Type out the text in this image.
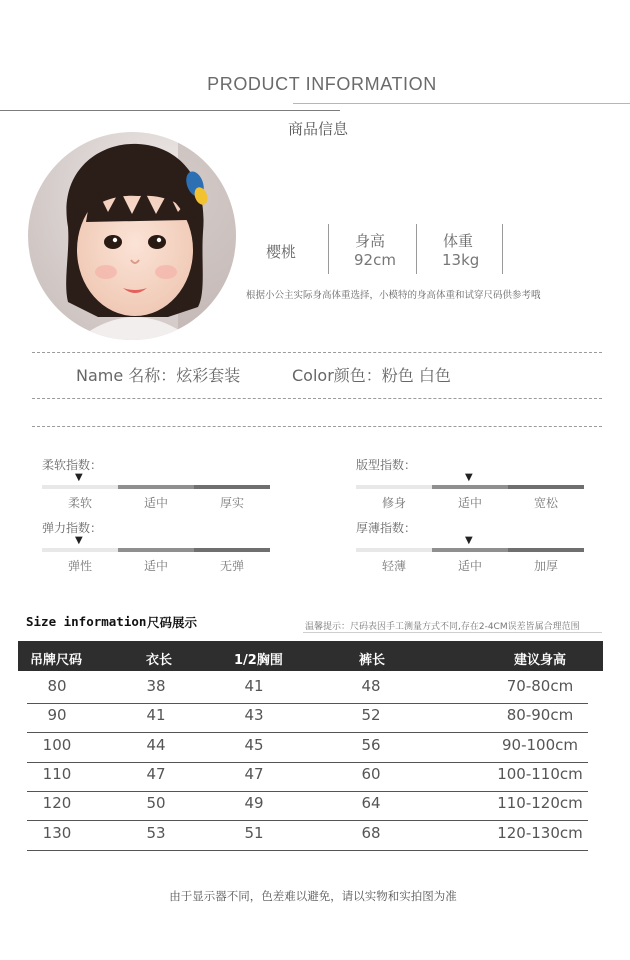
PRODUCT INFORMATION
商品信息
樱桃
身高
92cm
体重
13kg
根据小公主实际身高体重选择，小模特的身高体重和试穿尺码供参考哦
Name 名称：炫彩套装	Color颜色：粉色 白色
柔软指数：
▼
柔软	适中	厚实
版型指数：
▼
修身	适中	宽松
弹力指数：
▼
弹性	适中	无弹
厚薄指数：
▼
轻薄	适中	加厚
Size information 尺码展示	温馨提示：尺码表因手工测量方式不同,存在2-4CM误差皆属合理范围
吊牌尺码	衣长	1/2胸围	裤长	建议身高
80	38	41	48	70-80cm
90	41	43	52	80-90cm
100	44	45	56	90-100cm
110	47	47	60	100-110cm
120	50	49	64	110-120cm
130	53	51	68	120-130cm
由于显示器不同，色差难以避免，请以实物和实拍图为准
